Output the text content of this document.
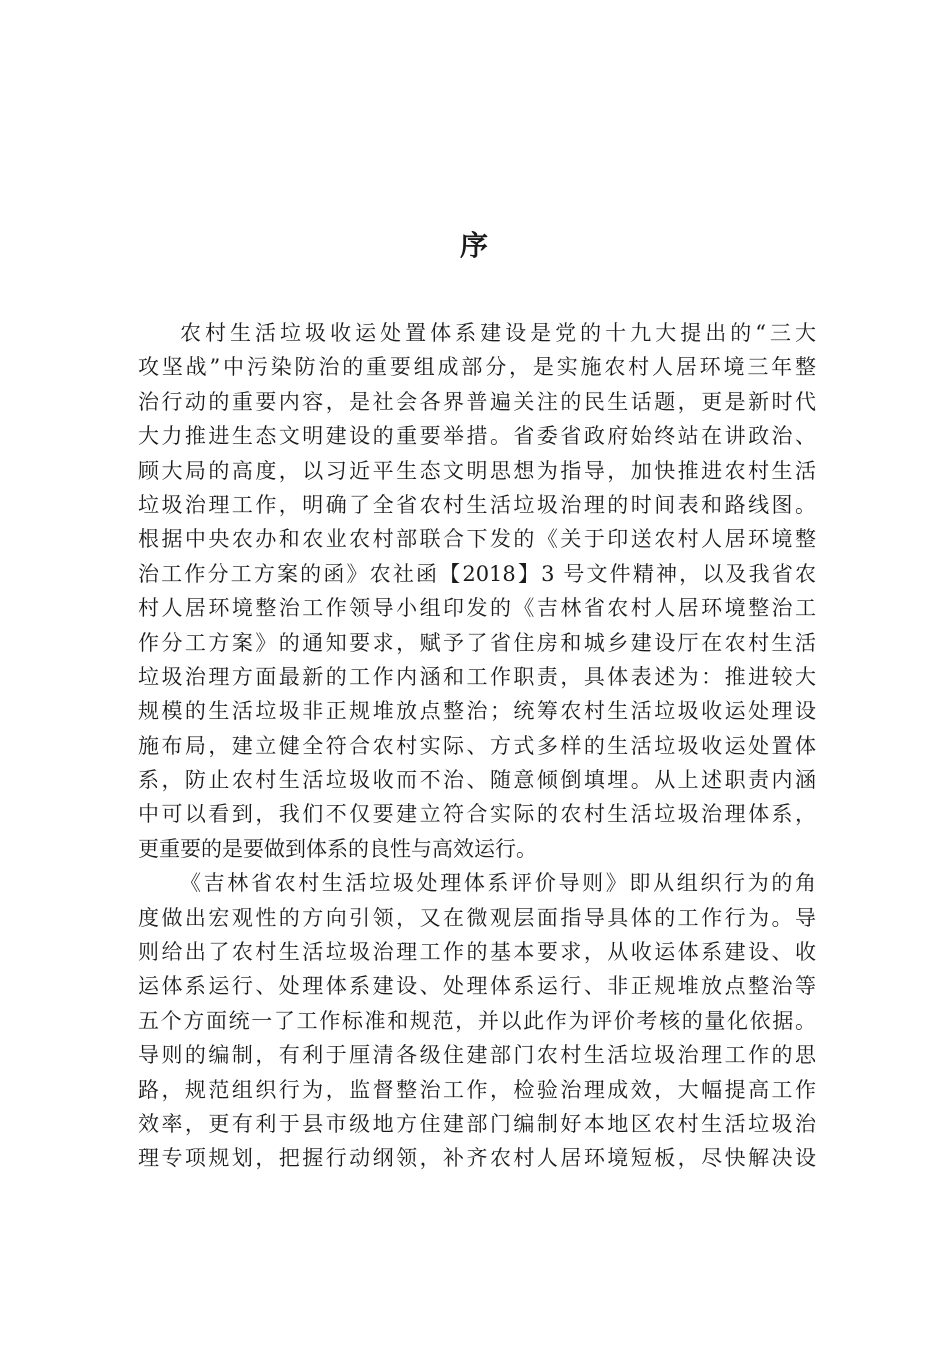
序
农村生活垃圾收运处置体系建设是党的十九大提出的“三大
攻坚战”中污染防治的重要组成部分，是实施农村人居环境三年整
治行动的重要内容，是社会各界普遍关注的民生话题，更是新时代
大力推进生态文明建设的重要举措。省委省政府始终站在讲政治、
顾大局的高度，以习近平生态文明思想为指导，加快推进农村生活
垃圾治理工作，明确了全省农村生活垃圾治理的时间表和路线图。
根据中央农办和农业农村部联合下发的《关于印送农村人居环境整
治工作分工方案的函》农社函【2018】3 号文件精神，以及我省农
村人居环境整治工作领导小组印发的《吉林省农村人居环境整治工
作分工方案》的通知要求，赋予了省住房和城乡建设厅在农村生活
垃圾治理方面最新的工作内涵和工作职责，具体表述为：推进较大
规模的生活垃圾非正规堆放点整治；统筹农村生活垃圾收运处理设
施布局，建立健全符合农村实际、方式多样的生活垃圾收运处置体
系，防止农村生活垃圾收而不治、随意倾倒填埋。从上述职责内涵
中可以看到，我们不仅要建立符合实际的农村生活垃圾治理体系，
更重要的是要做到体系的良性与高效运行。
《吉林省农村生活垃圾处理体系评价导则》即从组织行为的角
度做出宏观性的方向引领，又在微观层面指导具体的工作行为。导
则给出了农村生活垃圾治理工作的基本要求，从收运体系建设、收
运体系运行、处理体系建设、处理体系运行、非正规堆放点整治等
五个方面统一了工作标准和规范，并以此作为评价考核的量化依据。
导则的编制，有利于厘清各级住建部门农村生活垃圾治理工作的思
路，规范组织行为，监督整治工作，检验治理成效，大幅提高工作
效率，更有利于县市级地方住建部门编制好本地区农村生活垃圾治
理专项规划，把握行动纲领，补齐农村人居环境短板，尽快解决设
